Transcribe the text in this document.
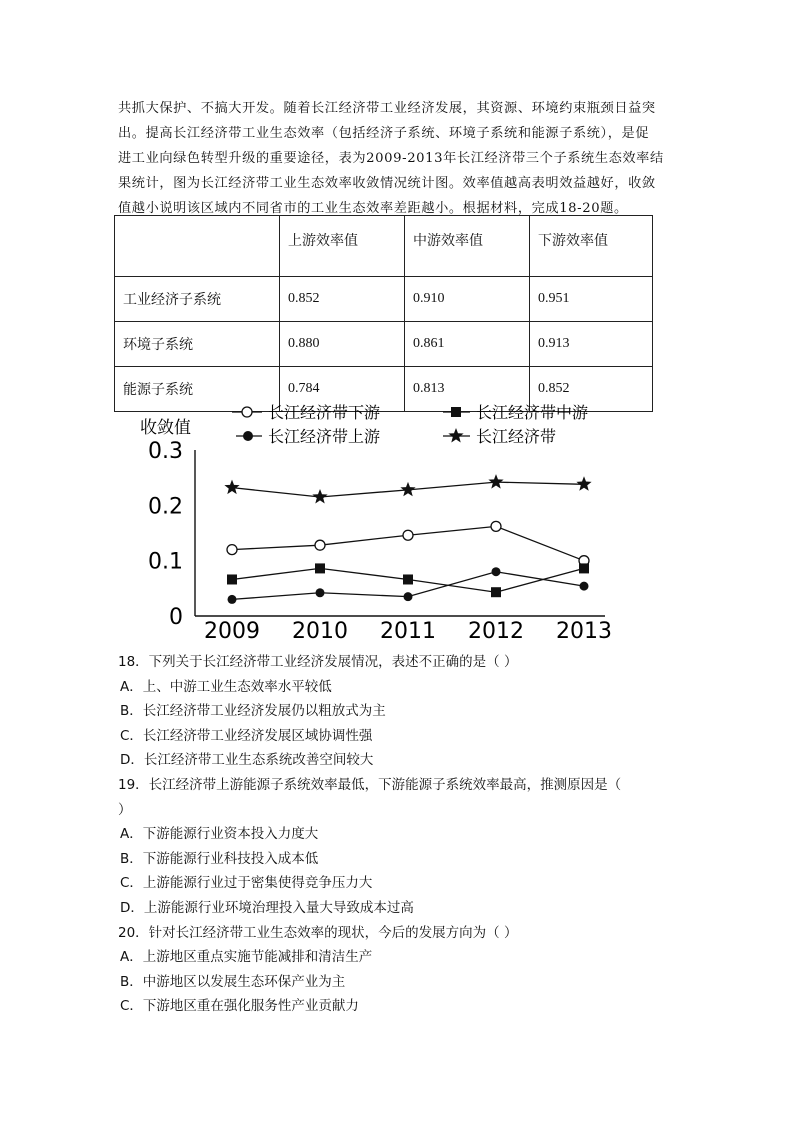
共抓大保护、不搞大开发。随着长江经济带工业经济发展，其资源、环境约束瓶颈日益突

出。提高长江经济带工业生态效率（包括经济子系统、环境子系统和能源子系统），是促

进工业向绿色转型升级的重要途径，表为2009-2013年长江经济带三个子系统生态效率结

果统计，图为长江经济带工业生态效率收敛情况统计图。效率值越高表明效益越好，收敛

值越小说明该区域内不同省市的工业生态效率差距越小。根据材料，完成18-20题。

	上游效率值	中游效率值	下游效率值
工业经济子系统	0.852	0.910	0.951
环境子系统	0.880	0.861	0.913
能源子系统	0.784	0.813	0.852
长江经济带下游	长江经济带中游
长江经济带上游	长江经济带
收敛值
0
0.1
0.2
0.3
2009 2010 2011 2012 2013

18．下列关于长江经济带工业经济发展情况，表述不正确的是（ ）

A．上、中游工业生态效率水平较低

B．长江经济带工业经济发展仍以粗放式为主

C．长江经济带工业经济发展区域协调性强

D．长江经济带工业生态系统改善空间较大

19．长江经济带上游能源子系统效率最低，下游能源子系统效率最高，推测原因是（

）

A．下游能源行业资本投入力度大

B．下游能源行业科技投入成本低

C．上游能源行业过于密集使得竞争压力大

D．上游能源行业环境治理投入量大导致成本过高

20．针对长江经济带工业生态效率的现状，今后的发展方向为（ ）

A．上游地区重点实施节能减排和清洁生产

B．中游地区以发展生态环保产业为主

C．下游地区重在强化服务性产业贡献力
